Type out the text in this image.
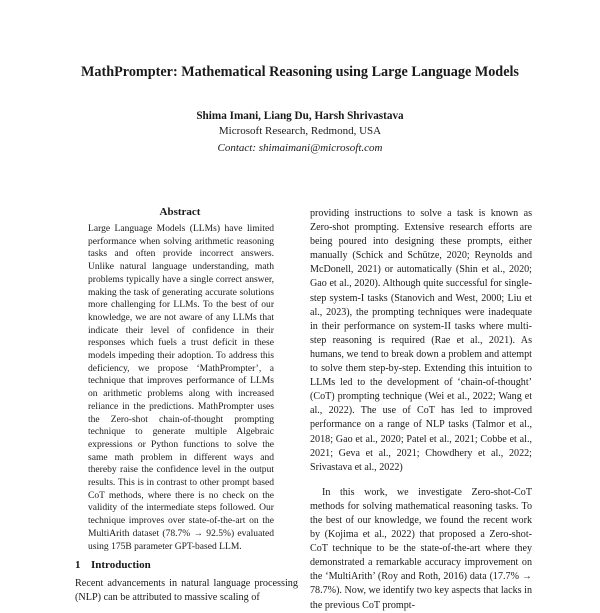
MathPrompter: Mathematical Reasoning using Large Language Models
Shima Imani, Liang Du, Harsh Shrivastava
Microsoft Research, Redmond, USA
Contact: shimaimani@microsoft.com
Abstract
Large Language Models (LLMs) have limited performance when solving arithmetic reasoning tasks and often provide incorrect answers. Unlike natural language understanding, math problems typically have a single correct answer, making the task of generating accurate solutions more challenging for LLMs. To the best of our knowledge, we are not aware of any LLMs that indicate their level of confidence in their responses which fuels a trust deficit in these models impeding their adoption. To address this deficiency, we propose ‘MathPrompter’, a technique that improves performance of LLMs on arithmetic problems along with increased reliance in the predictions. MathPrompter uses the Zero-shot chain-of-thought prompting technique to generate multiple Algebraic expressions or Python functions to solve the same math problem in different ways and thereby raise the confidence level in the output results. This is in contrast to other prompt based CoT methods, where there is no check on the validity of the intermediate steps followed. Our technique improves over state-of-the-art on the MultiArith dataset (78.7% → 92.5%) evaluated using 175B parameter GPT-based LLM.
1 Introduction
Recent advancements in natural language processing (NLP) can be attributed to massive scaling of

providing instructions to solve a task is known as Zero-shot prompting. Extensive research efforts are being poured into designing these prompts, either manually (Schick and Schütze, 2020; Reynolds and McDonell, 2021) or automatically (Shin et al., 2020; Gao et al., 2020). Although quite successful for single-step system-I tasks (Stanovich and West, 2000; Liu et al., 2023), the prompting techniques were inadequate in their performance on system-II tasks where multi-step reasoning is required (Rae et al., 2021). As humans, we tend to break down a problem and attempt to solve them step-by-step. Extending this intuition to LLMs led to the development of ‘chain-of-thought’ (CoT) prompting technique (Wei et al., 2022; Wang et al., 2022). The use of CoT has led to improved performance on a range of NLP tasks (Talmor et al., 2018; Gao et al., 2020; Patel et al., 2021; Cobbe et al., 2021; Geva et al., 2021; Chowdhery et al., 2022; Srivastava et al., 2022)

In this work, we investigate Zero-shot-CoT methods for solving mathematical reasoning tasks. To the best of our knowledge, we found the recent work by (Kojima et al., 2022) that proposed a Zero-shot-CoT technique to be the state-of-the-art where they demonstrated a remarkable accuracy improvement on the ‘MultiArith’ (Roy and Roth, 2016) data (17.7% → 78.7%). Now, we identify two key aspects that lacks in the previous CoT prompt-
